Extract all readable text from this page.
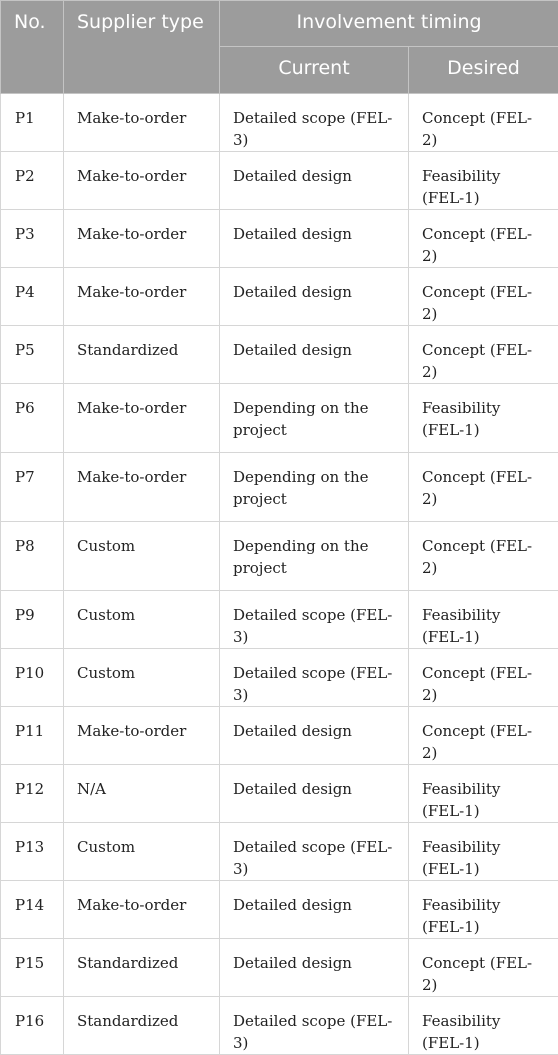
No.	Supplier type	Involvement timing	
		Current	Desired
P1	Make-to-order	Detailed scope (FEL-3)	Concept (FEL-2)
P2	Make-to-order	Detailed design	Feasibility (FEL-1)
P3	Make-to-order	Detailed design	Concept (FEL-2)
P4	Make-to-order	Detailed design	Concept (FEL-2)
P5	Standardized	Detailed design	Concept (FEL-2)
P6	Make-to-order	Depending on the project	Feasibility (FEL-1)
P7	Make-to-order	Depending on the project	Concept (FEL-2)
P8	Custom	Depending on the project	Concept (FEL-2)
P9	Custom	Detailed scope (FEL-3)	Feasibility (FEL-1)
P10	Custom	Detailed scope (FEL-3)	Concept (FEL-2)
P11	Make-to-order	Detailed design	Concept (FEL-2)
P12	N/A	Detailed design	Feasibility (FEL-1)
P13	Custom	Detailed scope (FEL-3)	Feasibility (FEL-1)
P14	Make-to-order	Detailed design	Feasibility (FEL-1)
P15	Standardized	Detailed design	Concept (FEL-2)
P16	Standardized	Detailed scope (FEL-3)	Feasibility (FEL-1)
